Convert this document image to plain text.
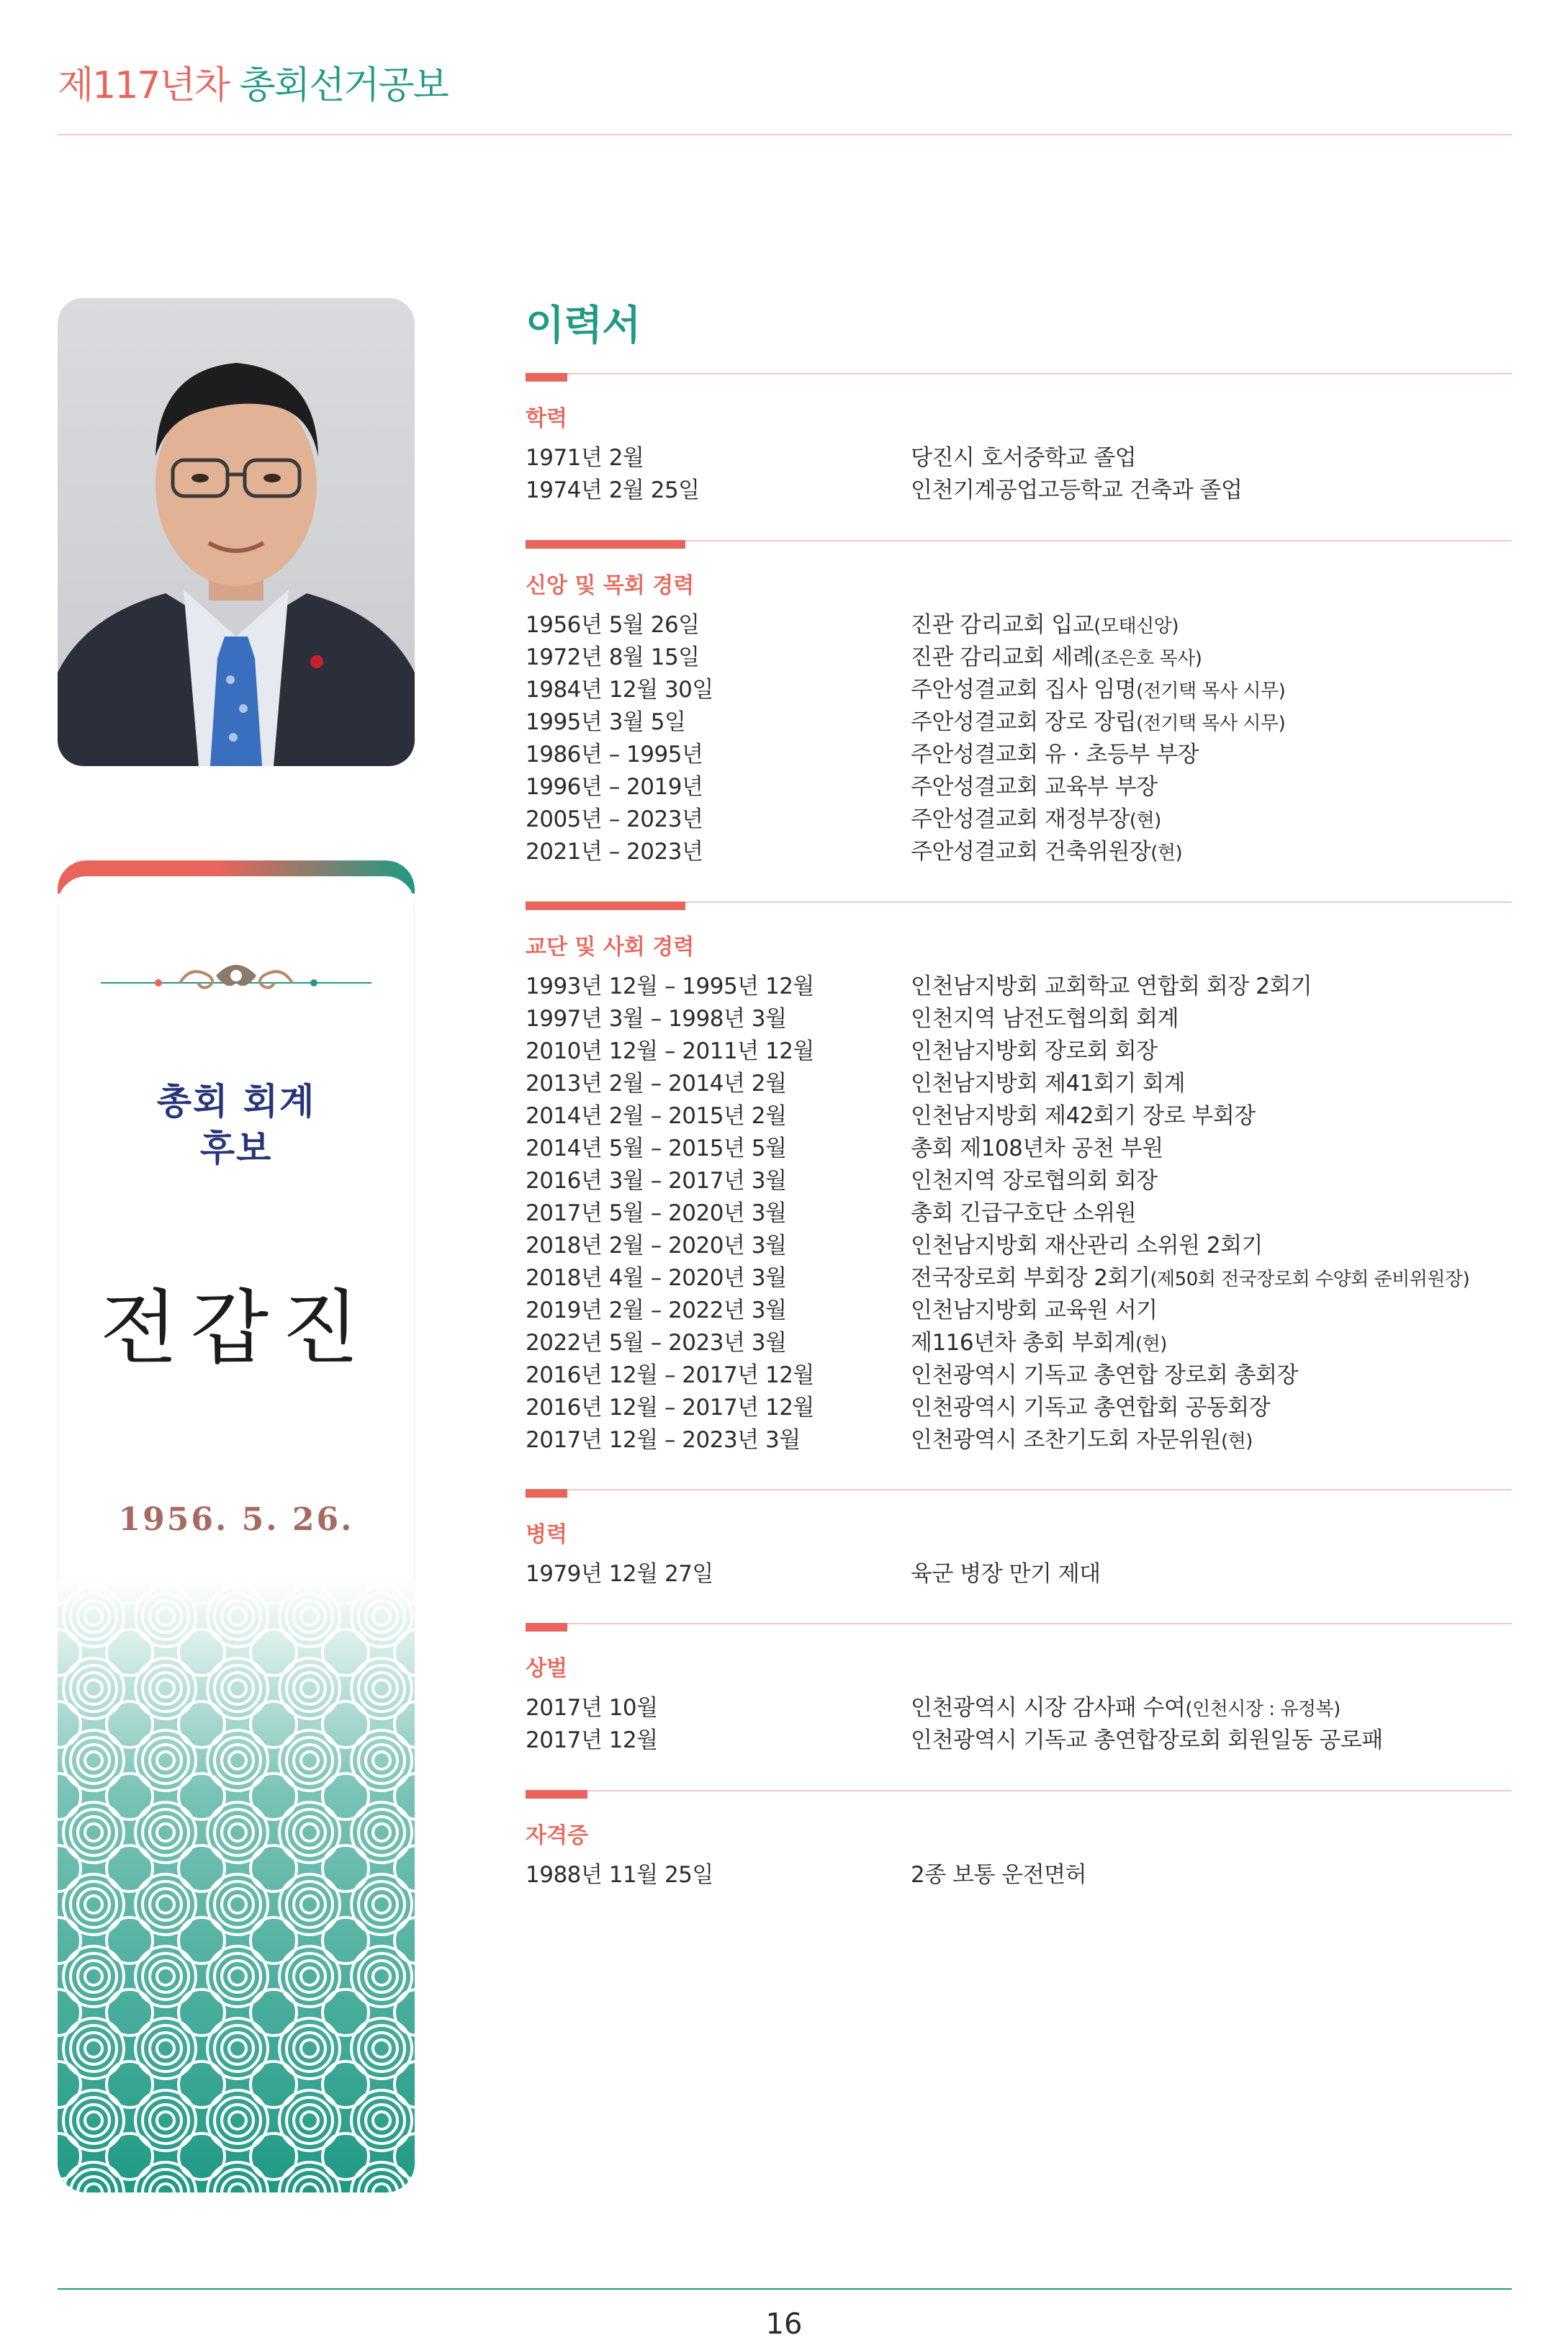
제117년차 총회선거공보
총회 회계
후보
전갑진
1956. 5. 26.
이력서
학력
1971년 2월	당진시 호서중학교 졸업
1974년 2월 25일	인천기계공업고등학교 건축과 졸업
신앙 및 목회 경력
1956년 5월 26일	진관 감리교회 입교(모태신앙)
1972년 8월 15일	진관 감리교회 세례(조은호 목사)
1984년 12월 30일	주안성결교회 집사 임명(전기택 목사 시무)
1995년 3월 5일	주안성결교회 장로 장립(전기택 목사 시무)
1986년 – 1995년	주안성결교회 유 · 초등부 부장
1996년 – 2019년	주안성결교회 교육부 부장
2005년 – 2023년	주안성결교회 재정부장(현)
2021년 – 2023년	주안성결교회 건축위원장(현)
교단 및 사회 경력
1993년 12월 – 1995년 12월	인천남지방회 교회학교 연합회 회장 2회기
1997년 3월 – 1998년 3월	인천지역 남전도협의회 회계
2010년 12월 – 2011년 12월	인천남지방회 장로회 회장
2013년 2월 – 2014년 2월	인천남지방회 제41회기 회계
2014년 2월 – 2015년 2월	인천남지방회 제42회기 장로 부회장
2014년 5월 – 2015년 5월	총회 제108년차 공천 부원
2016년 3월 – 2017년 3월	인천지역 장로협의회 회장
2017년 5월 – 2020년 3월	총회 긴급구호단 소위원
2018년 2월 – 2020년 3월	인천남지방회 재산관리 소위원 2회기
2018년 4월 – 2020년 3월	전국장로회 부회장 2회기(제50회 전국장로회 수양회 준비위원장)
2019년 2월 – 2022년 3월	인천남지방회 교육원 서기
2022년 5월 – 2023년 3월	제116년차 총회 부회계(현)
2016년 12월 – 2017년 12월	인천광역시 기독교 총연합 장로회 총회장
2016년 12월 – 2017년 12월	인천광역시 기독교 총연합회 공동회장
2017년 12월 – 2023년 3월	인천광역시 조찬기도회 자문위원(현)
병력
1979년 12월 27일	육군 병장 만기 제대
상벌
2017년 10월	인천광역시 시장 감사패 수여(인천시장 : 유정복)
2017년 12월	인천광역시 기독교 총연합장로회 회원일동 공로패
자격증
1988년 11월 25일	2종 보통 운전면허
16
